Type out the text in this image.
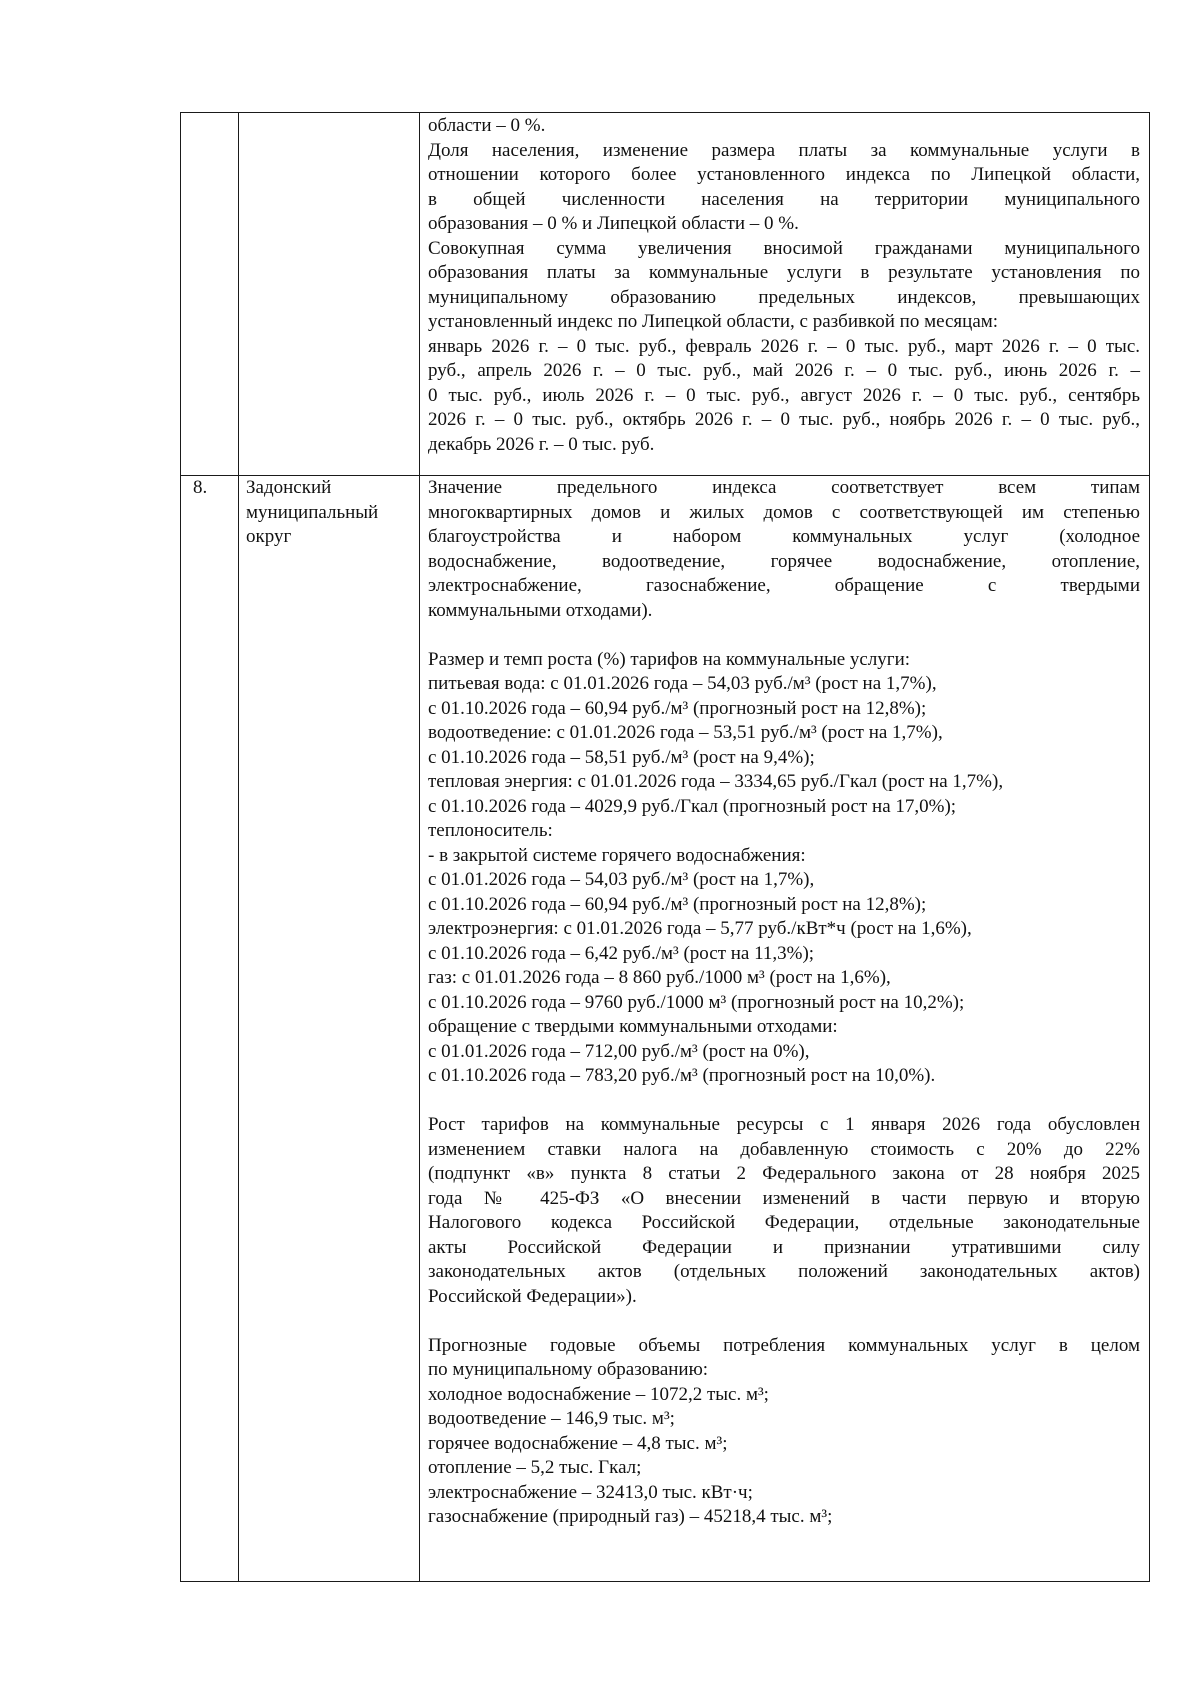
области – 0 %.

Доля населения, изменение размера платы за коммунальные услуги в

отношении которого более установленного индекса по Липецкой области,

в общей численности населения на территории муниципального

образования – 0 % и Липецкой области – 0 %.

Совокупная сумма увеличения вносимой гражданами муниципального

образования платы за коммунальные услуги в результате установления по

муниципальному образованию предельных индексов, превышающих

установленный индекс по Липецкой области, с разбивкой по месяцам:

январь 2026 г. – 0 тыс. руб., февраль 2026 г. – 0 тыс. руб., март 2026 г. – 0 тыс.

руб., апрель 2026 г. – 0 тыс. руб., май 2026 г. – 0 тыс. руб., июнь 2026 г. –

0 тыс. руб., июль 2026 г. – 0 тыс. руб., август 2026 г. – 0 тыс. руб., сентябрь

2026 г. – 0 тыс. руб., октябрь 2026 г. – 0 тыс. руб., ноябрь 2026 г. – 0 тыс. руб.,

декабрь 2026 г. – 0 тыс. руб.

8. Задонский
муниципальный
округ

Значение предельного индекса соответствует всем типам

многоквартирных домов и жилых домов с соответствующей им степенью

благоустройства и набором коммунальных услуг (холодное

водоснабжение, водоотведение, горячее водоснабжение, отопление,

электроснабжение, газоснабжение, обращение с твердыми

коммунальными отходами).

Размер и темп роста (%) тарифов на коммунальные услуги:

питьевая вода: с 01.01.2026 года – 54,03 руб./м³ (рост на 1,7%),

с 01.10.2026 года – 60,94 руб./м³ (прогнозный рост на 12,8%);

водоотведение: с 01.01.2026 года – 53,51 руб./м³ (рост на 1,7%),

с 01.10.2026 года – 58,51 руб./м³ (рост на 9,4%);

тепловая энергия: с 01.01.2026 года – 3334,65 руб./Гкал (рост на 1,7%),

с 01.10.2026 года – 4029,9 руб./Гкал (прогнозный рост на 17,0%);

теплоноситель:

- в закрытой системе горячего водоснабжения:

с 01.01.2026 года – 54,03 руб./м³ (рост на 1,7%),

с 01.10.2026 года – 60,94 руб./м³ (прогнозный рост на 12,8%);

электроэнергия: с 01.01.2026 года – 5,77 руб./кВт*ч (рост на 1,6%),

с 01.10.2026 года – 6,42 руб./м³ (рост на 11,3%);

газ: с 01.01.2026 года – 8 860 руб./1000 м³ (рост на 1,6%),

с 01.10.2026 года – 9760 руб./1000 м³ (прогнозный рост на 10,2%);

обращение с твердыми коммунальными отходами:

с 01.01.2026 года – 712,00 руб./м³ (рост на 0%),

с 01.10.2026 года – 783,20 руб./м³ (прогнозный рост на 10,0%).

Рост тарифов на коммунальные ресурсы с 1 января 2026 года обусловлен

изменением ставки налога на добавленную стоимость с 20% до 22%

(подпункт «в» пункта 8 статьи 2 Федерального закона от 28 ноября 2025

года № 425-ФЗ «О внесении изменений в части первую и вторую

Налогового кодекса Российской Федерации, отдельные законодательные

акты Российской Федерации и признании утратившими силу

законодательных актов (отдельных положений законодательных актов)

Российской Федерации»).

Прогнозные годовые объемы потребления коммунальных услуг в целом

по муниципальному образованию:

холодное водоснабжение – 1072,2 тыс. м³;

водоотведение – 146,9 тыс. м³;

горячее водоснабжение – 4,8 тыс. м³;

отопление – 5,2 тыс. Гкал;

электроснабжение – 32413,0 тыс. кВт·ч;

газоснабжение (природный газ) – 45218,4 тыс. м³;
